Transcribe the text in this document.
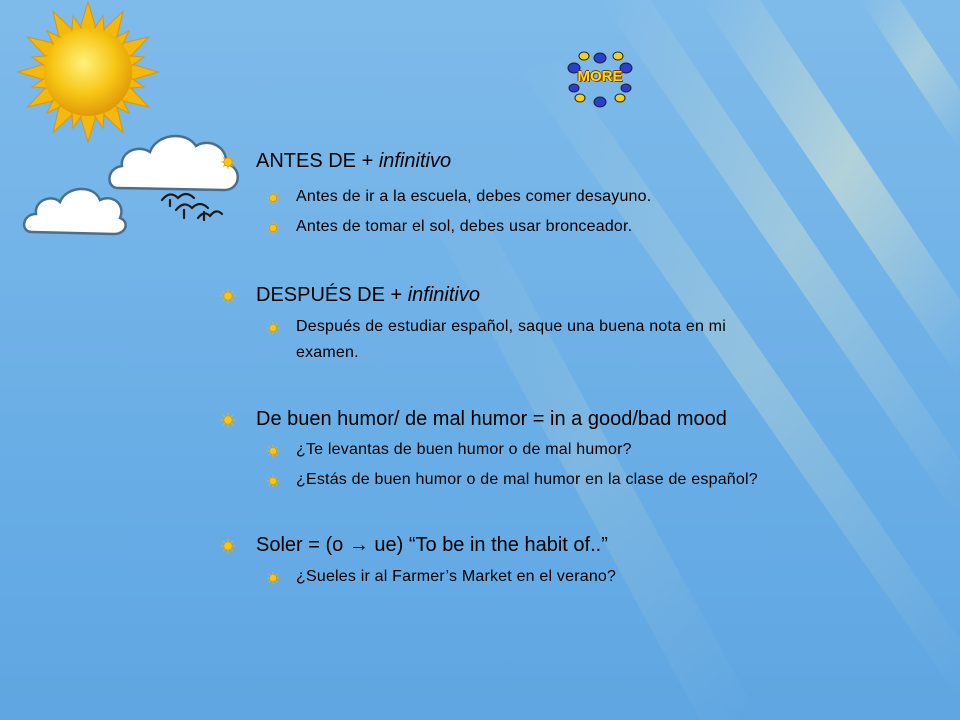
MORE
ANTES DE + infinitivo
Antes de ir a la escuela, debes comer desayuno.
Antes de tomar el sol, debes usar bronceador.
DESPUÉS DE + infinitivo
Después de estudiar español, saque una buena nota en mi
examen.
De buen humor/ de mal humor = in a good/bad mood
¿Te levantas de buen humor o de mal humor?
¿Estás de buen humor o de mal humor en la clase de español?
Soler = (o → ue) “To be in the habit of..”
¿Sueles ir al Farmer’s Market en el verano?
